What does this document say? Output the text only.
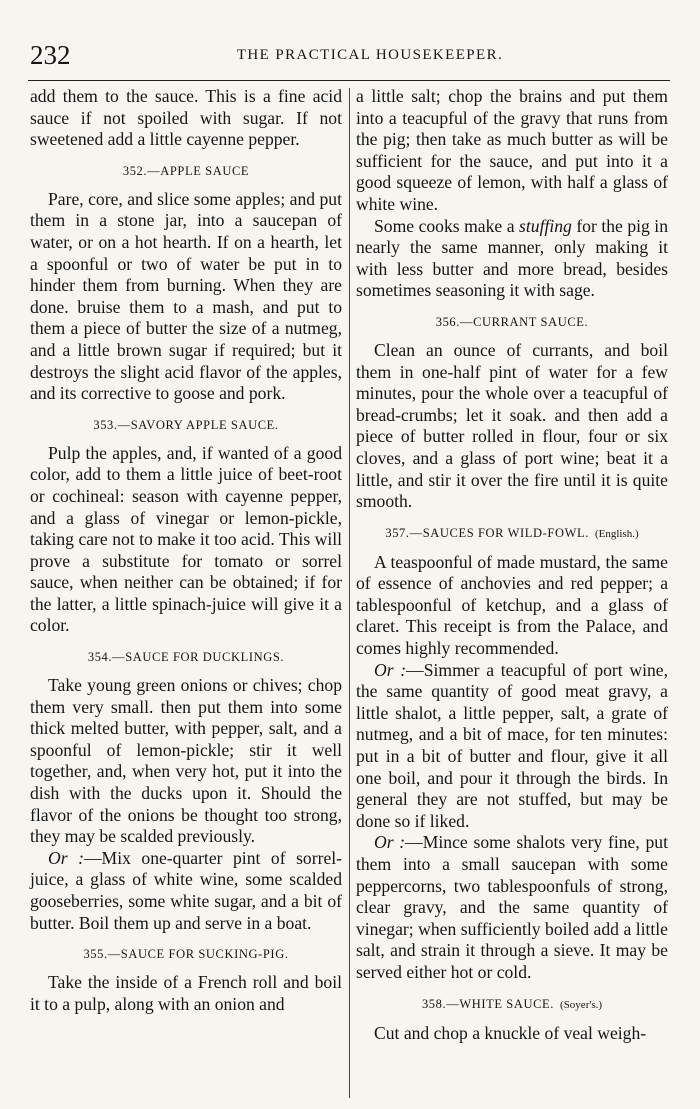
232	THE PRACTICAL HOUSEKEEPER.

add them to the sauce. This is a fine acid sauce if not spoiled with sugar. If not sweetened add a little cayenne pepper.

352.—APPLE SAUCE

Pare, core, and slice some apples; and put them in a stone jar, into a saucepan of water, or on a hot hearth. If on a hearth, let a spoonful or two of water be put in to hinder them from burning. When they are done. bruise them to a mash, and put to them a piece of butter the size of a nutmeg, and a little brown sugar if required; but it destroys the slight acid flavor of the apples, and its corrective to goose and pork.

353.—SAVORY APPLE SAUCE.

Pulp the apples, and, if wanted of a good color, add to them a little juice of beet-root or cochineal: season with cayenne pepper, and a glass of vinegar or lemon-pickle, taking care not to make it too acid. This will prove a substitute for tomato or sorrel sauce, when neither can be obtained; if for the latter, a little spinach-juice will give it a color.

354.—SAUCE FOR DUCKLINGS.

Take young green onions or chives; chop them very small. then put them into some thick melted butter, with pepper, salt, and a spoonful of lemon-pickle; stir it well together, and, when very hot, put it into the dish with the ducks upon it. Should the flavor of the onions be thought too strong, they may be scalded previously.

Or :—Mix one-quarter pint of sorrel-juice, a glass of white wine, some scalded gooseberries, some white sugar, and a bit of butter. Boil them up and serve in a boat.

355.—SAUCE FOR SUCKING-PIG.

Take the inside of a French roll and boil it to a pulp, along with an onion and

a little salt; chop the brains and put them into a teacupful of the gravy that runs from the pig; then take as much butter as will be sufficient for the sauce, and put into it a good squeeze of lemon, with half a glass of white wine.

Some cooks make a stuffing for the pig in nearly the same manner, only making it with less butter and more bread, besides sometimes seasoning it with sage.

356.—CURRANT SAUCE.

Clean an ounce of currants, and boil them in one-half pint of water for a few minutes, pour the whole over a teacupful of bread-crumbs; let it soak. and then add a piece of butter rolled in flour, four or six cloves, and a glass of port wine; beat it a little, and stir it over the fire until it is quite smooth.

357.—SAUCES FOR WILD-FOWL. (English.)

A teaspoonful of made mustard, the same of essence of anchovies and red pepper; a tablespoonful of ketchup, and a glass of claret. This receipt is from the Palace, and comes highly recommended.

Or :—Simmer a teacupful of port wine, the same quantity of good meat gravy, a little shalot, a little pepper, salt, a grate of nutmeg, and a bit of mace, for ten minutes: put in a bit of butter and flour, give it all one boil, and pour it through the birds. In general they are not stuffed, but may be done so if liked.

Or :—Mince some shalots very fine, put them into a small saucepan with some peppercorns, two tablespoonfuls of strong, clear gravy, and the same quantity of vinegar; when sufficiently boiled add a little salt, and strain it through a sieve. It may be served either hot or cold.

358.—WHITE SAUCE. (Soyer's.)

Cut and chop a knuckle of veal weigh-
